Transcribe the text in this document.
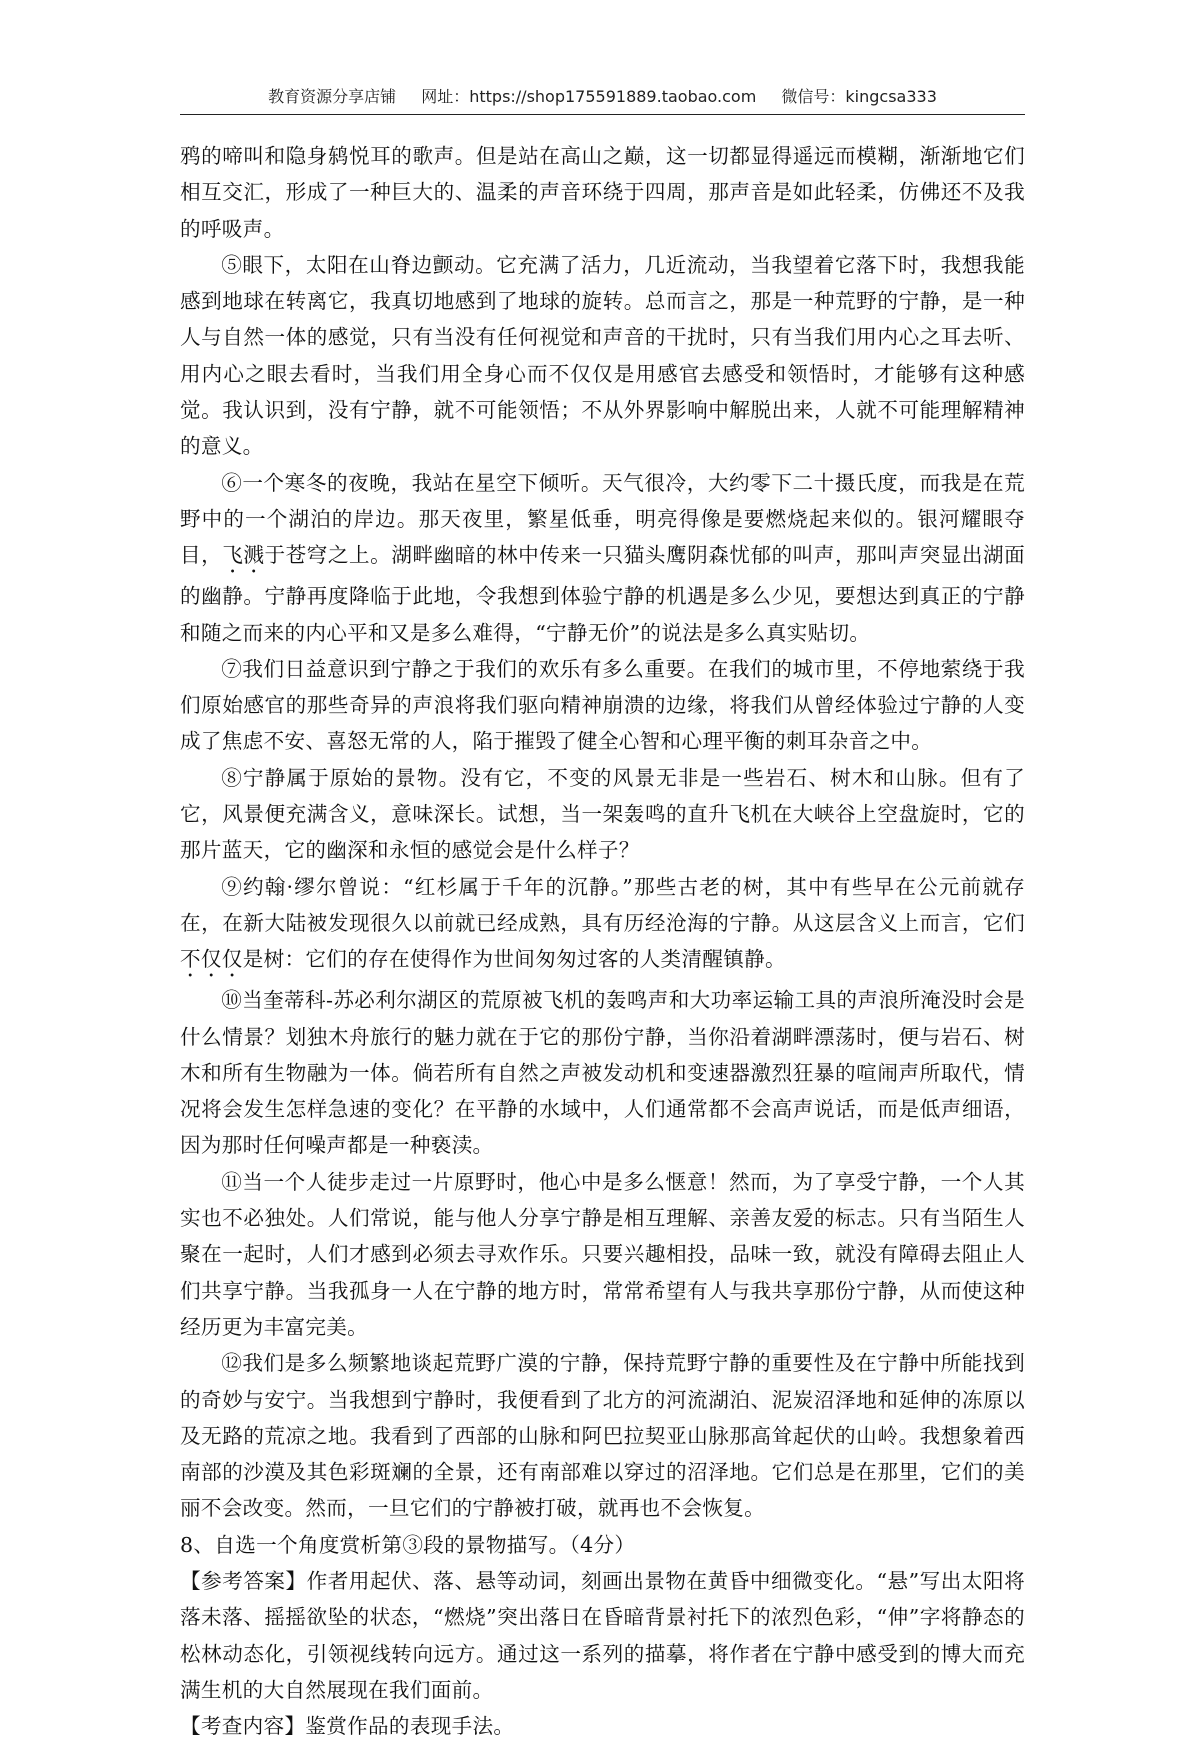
教育资源分享店铺 网址：https://shop175591889.taobao.com 微信号：kingcsa333

鸦的啼叫和隐身鸫悦耳的歌声。但是站在高山之巅，这一切都显得遥远而模糊，渐渐地它们相互交汇，形成了一种巨大的、温柔的声音环绕于四周，那声音是如此轻柔，仿佛还不及我的呼吸声。

⑤眼下，太阳在山脊边颤动。它充满了活力，几近流动，当我望着它落下时，我想我能感到地球在转离它，我真切地感到了地球的旋转。总而言之，那是一种荒野的宁静，是一种人与自然一体的感觉，只有当没有任何视觉和声音的干扰时，只有当我们用内心之耳去听、用内心之眼去看时，当我们用全身心而不仅仅是用感官去感受和领悟时，才能够有这种感觉。我认识到，没有宁静，就不可能领悟；不从外界影响中解脱出来，人就不可能理解精神的意义。

⑥一个寒冬的夜晚，我站在星空下倾听。天气很冷，大约零下二十摄氏度，而我是在荒野中的一个湖泊的岸边。那天夜里，繁星低垂，明亮得像是要燃烧起来似的。银河耀眼夺目，飞溅于苍穹之上。湖畔幽暗的林中传来一只猫头鹰阴森忧郁的叫声，那叫声突显出湖面的幽静。宁静再度降临于此地，令我想到体验宁静的机遇是多么少见，要想达到真正的宁静和随之而来的内心平和又是多么难得，“宁静无价”的说法是多么真实贴切。

⑦我们日益意识到宁静之于我们的欢乐有多么重要。在我们的城市里，不停地萦绕于我们原始感官的那些奇异的声浪将我们驱向精神崩溃的边缘，将我们从曾经体验过宁静的人变成了焦虑不安、喜怒无常的人，陷于摧毁了健全心智和心理平衡的刺耳杂音之中。

⑧宁静属于原始的景物。没有它，不变的风景无非是一些岩石、树木和山脉。但有了它，风景便充满含义，意味深长。试想，当一架轰鸣的直升飞机在大峡谷上空盘旋时，它的那片蓝天，它的幽深和永恒的感觉会是什么样子？

⑨约翰·缪尔曾说：“红杉属于千年的沉静。”那些古老的树，其中有些早在公元前就存在，在新大陆被发现很久以前就已经成熟，具有历经沧海的宁静。从这层含义上而言，它们不仅仅是树：它们的存在使得作为世间匆匆过客的人类清醒镇静。

⑩当奎蒂科-苏必利尔湖区的荒原被飞机的轰鸣声和大功率运输工具的声浪所淹没时会是什么情景？划独木舟旅行的魅力就在于它的那份宁静，当你沿着湖畔漂荡时，便与岩石、树木和所有生物融为一体。倘若所有自然之声被发动机和变速器激烈狂暴的喧闹声所取代，情况将会发生怎样急速的变化？在平静的水域中，人们通常都不会高声说话，而是低声细语，因为那时任何噪声都是一种亵渎。

⑪当一个人徒步走过一片原野时，他心中是多么惬意！然而，为了享受宁静，一个人其实也不必独处。人们常说，能与他人分享宁静是相互理解、亲善友爱的标志。只有当陌生人聚在一起时，人们才感到必须去寻欢作乐。只要兴趣相投，品味一致，就没有障碍去阻止人们共享宁静。当我孤身一人在宁静的地方时，常常希望有人与我共享那份宁静，从而使这种经历更为丰富完美。

⑫我们是多么频繁地谈起荒野广漠的宁静，保持荒野宁静的重要性及在宁静中所能找到的奇妙与安宁。当我想到宁静时，我便看到了北方的河流湖泊、泥炭沼泽地和延伸的冻原以及无路的荒凉之地。我看到了西部的山脉和阿巴拉契亚山脉那高耸起伏的山岭。我想象着西南部的沙漠及其色彩斑斓的全景，还有南部难以穿过的沼泽地。它们总是在那里，它们的美丽不会改变。然而，一旦它们的宁静被打破，就再也不会恢复。

8、自选一个角度赏析第③段的景物描写。（4分）

【参考答案】作者用起伏、落、悬等动词，刻画出景物在黄昏中细微变化。“悬”写出太阳将落未落、摇摇欲坠的状态，“燃烧”突出落日在昏暗背景衬托下的浓烈色彩，“伸”字将静态的松林动态化，引领视线转向远方。通过这一系列的描摹，将作者在宁静中感受到的博大而充满生机的大自然展现在我们面前。

【考查内容】鉴赏作品的表现手法。
